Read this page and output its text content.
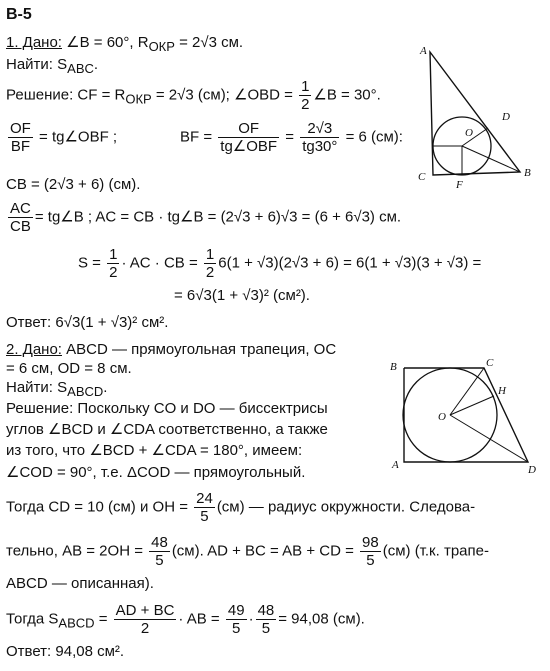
В-5
1. Дано: ∠B = 60°, $R_{ОКР} = 2√3$ см.
Найти: $S_{ABC}$.
Решение: CF = $R_{ОКР} = 2√3$ (см); ∠OBD = $\frac{1}{2}$ ∠B = 30°.
$\frac{OF}{BF}$ = tg∠OBF ;	BF = $\frac{OF}{\text{tg∠OBF}} = \frac{2√3}{tg30^\circ} = 6$ (см):
CB = (2√3 + 6) (см).
$\frac{AC}{CB}$ = tg∠B ; AC = CB · tg∠B = (2√3 + 6)√3 = (6 + 6√3) см.
$S = \frac{1}{2}$ · AC · CB = $\frac{1}{2} 6(1 + √3)(2√3 + 6) = 6(1 + √3)(3 + √3)$ =
= 6√3(1 + √3)² (см²).
Ответ: 6√3(1 + √3)² см².
A
D
O
C
F
B
2. Дано: ABCD — прямоугольная трапеция, OC
= 6 см, OD = 8 см.
Найти: $S_{ABCD}$.
Решение: Поскольку CO и DO — биссектрисы
углов ∠BCD и ∠CDA соответственно, а также
из того, что ∠BCD + ∠CDA = 180°, имеем:
∠COD = 90°, т.е. ΔCOD — прямоугольный.
B	C
H
O
A	D
Тогда CD = 10 (см) и OH = $\frac{24}{5} (см)$ — радиус окружности. Следова-
тельно, AB = $2OH = \frac{48}{5} (см)$. AD + BC = AB + CD = $\frac{98}{5} (см)$ (т.к. трапе-
ABCD — описанная).
Тогда $S_{ABCD} = \frac{AD + BC}{2}$ · AB = $\frac{49}{5} \cdot \frac{48}{5} = 94,08$ (см).
Ответ: 94,08 см².
